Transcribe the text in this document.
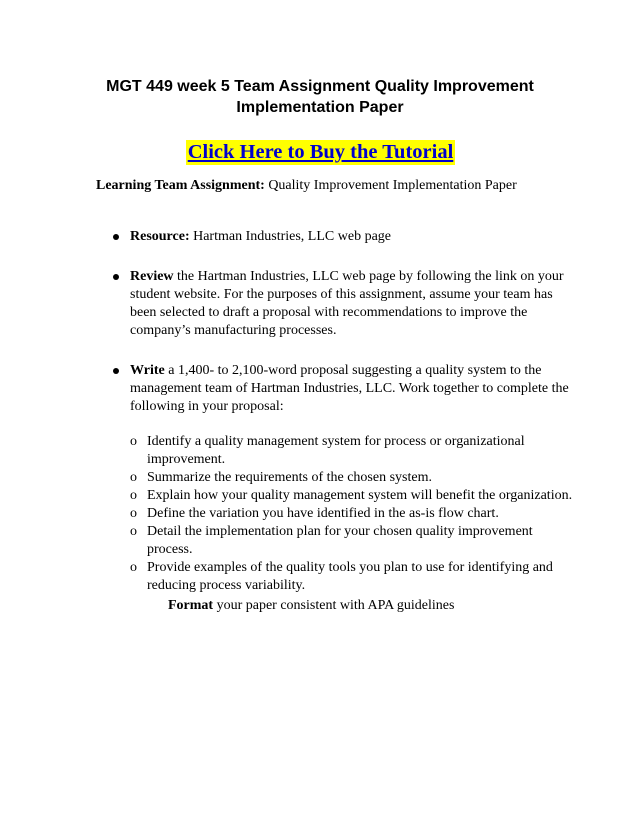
MGT 449 week 5 Team Assignment Quality Improvement
Implementation Paper
Click Here to Buy the Tutorial
Learning Team Assignment: Quality Improvement Implementation Paper
Resource: Hartman Industries, LLC web page
Review the Hartman Industries, LLC web page by following the link on your student website. For the purposes of this assignment, assume your team has been selected to draft a proposal with recommendations to improve the company’s manufacturing processes.
Write a 1,400- to 2,100-word proposal suggesting a quality system to the management team of Hartman Industries, LLC. Work together to complete the following in your proposal:
o Identify a quality management system for process or organizational improvement.
o Summarize the requirements of the chosen system.
o Explain how your quality management system will benefit the organization.
o Define the variation you have identified in the as-is flow chart.
o Detail the implementation plan for your chosen quality improvement process.
o Provide examples of the quality tools you plan to use for identifying and reducing process variability.
Format your paper consistent with APA guidelines
